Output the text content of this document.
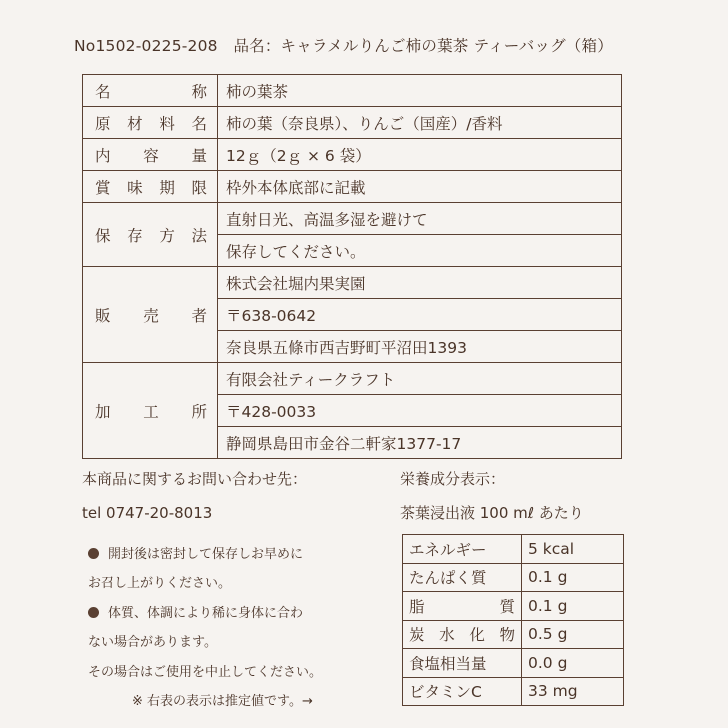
No1502-0225-208　品名：キャラメルりんご柿の葉茶 ティーバッグ（箱）
名 称	柿の葉茶

原 材 料 名	柿の葉（奈良県）、りんご（国産）/香料

内 容 量	12ｇ（2ｇ × 6 袋）

賞 味 期 限	枠外本体底部に記載

保 存 方 法	直射日光、高温多湿を避けて
	保存してください。

販 売 者	株式会社堀内果実園
	〒638-0642
	奈良県五條市西吉野町平沼田1393

加 工 所	有限会社ティークラフト
	〒428-0033
	静岡県島田市金谷二軒家1377-17
本商品に関するお問い合わせ先：
tel 0747-20-8013
栄養成分表示：
茶葉浸出液 100 mℓ あたり
開封後は密封して保存しお早めに
お召し上がりください。
体質、体調により稀に身体に合わ
ない場合があります。
その場合はご使用を中止してください。
※ 右表の表示は推定値です。→
エネルギー	5 kcal
たんぱく質	0.1 g

脂 質	0.1 g

炭 水 化 物	0.5 g
食塩相当量	0.0 g
ビタミンC	33 mg
